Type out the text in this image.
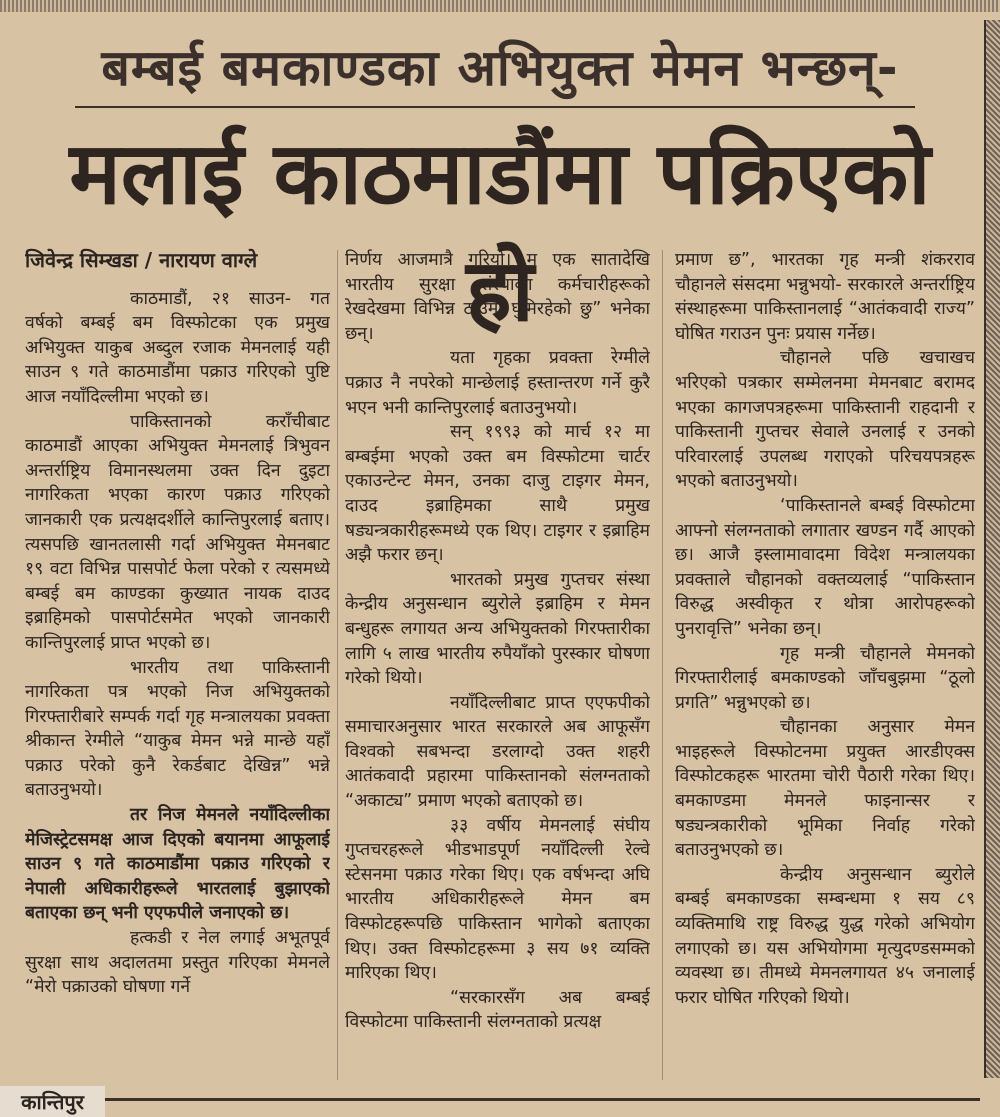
बम्बई बमकाण्डका अभियुक्त मेमन भन्छन्-
मलाई काठमाडौंमा पक्रिएको हो
जिवेन्द्र सिम्खडा / नारायण वाग्ले

काठमाडौं, २१ साउन- गत वर्षको बम्बई बम विस्फोटका एक प्रमुख अभियुक्त याकुब अब्दुल रजाक मेमनलाई यही साउन ९ गते काठमाडौंमा पक्राउ गरिएको पुष्टि आज नयाँदिल्लीमा भएको छ।

पाकिस्तानको कराँचीबाट काठमाडौं आएका अभियुक्त मेमनलाई त्रिभुवन अन्तर्राष्ट्रिय विमानस्थलमा उक्त दिन दुइटा नागरिकता भएका कारण पक्राउ गरिएको जानकारी एक प्रत्यक्षदर्शीले कान्तिपुरलाई बताए। त्यसपछि खानतलासी गर्दा अभियुक्त मेमनबाट १९ वटा विभिन्न पासपोर्ट फेला परेको र त्यसमध्ये बम्बई बम काण्डका कुख्यात नायक दाउद इब्राहिमको पासपोर्टसमेत भएको जानकारी कान्तिपुरलाई प्राप्त भएको छ।

भारतीय तथा पाकिस्तानी नागरिकता पत्र भएको निज अभियुक्तको गिरफ्तारीबारे सम्पर्क गर्दा गृह मन्त्रालयका प्रवक्ता श्रीकान्त रेग्मीले “याकुब मेमन भन्ने मान्छे यहाँ पक्राउ परेको कुनै रेकर्डबाट देखिन्न” भन्ने बताउनुभयो।

तर निज मेमनले नयाँदिल्लीका मेजिस्ट्रेटसमक्ष आज दिएको बयानमा आफूलाई साउन ९ गते काठमाडौंमा पक्राउ गरिएको र नेपाली अधिकारीहरूले भारतलाई बुझाएको बताएका छन् भनी एएफपीले जनाएको छ।

हत्कडी र नेल लगाई अभूतपूर्व सुरक्षा साथ अदालतमा प्रस्तुत गरिएका मेमनले “मेरो पक्राउको घोषणा गर्ने

निर्णय आजमात्रै गरियो। म एक सातादेखि भारतीय सुरक्षा संस्थाका कर्मचारीहरूको रेखदेखमा विभिन्न ठाउँमा घुमिरहेको छु” भनेका छन्।

यता गृहका प्रवक्ता रेग्मीले पक्राउ नै नपरेको मान्छेलाई हस्तान्तरण गर्ने कुरै भएन भनी कान्तिपुरलाई बताउनुभयो।

सन् १९९३ को मार्च १२ मा बम्बईमा भएको उक्त बम विस्फोटमा चार्टर एकाउन्टेन्ट मेमन, उनका दाजु टाइगर मेमन, दाउद इब्राहिमका साथै प्रमुख षड्यन्त्रकारीहरूमध्ये एक थिए। टाइगर र इब्राहिम अझै फरार छन्।

भारतको प्रमुख गुप्तचर संस्था केन्द्रीय अनुसन्धान ब्युरोले इब्राहिम र मेमन बन्धुहरू लगायत अन्य अभियुक्तको गिरफ्तारीका लागि ५ लाख भारतीय रुपैयाँको पुरस्कार घोषणा गरेको थियो।

नयाँदिल्लीबाट प्राप्त एएफपीको समाचारअनुसार भारत सरकारले अब आफूसँग विश्वको सबभन्दा डरलाग्दो उक्त शहरी आतंकवादी प्रहारमा पाकिस्तानको संलग्नताको “अकाट्य” प्रमाण भएको बताएको छ।

३३ वर्षीय मेमनलाई संघीय गुप्तचरहरूले भीडभाडपूर्ण नयाँदिल्ली रेल्वे स्टेसनमा पक्राउ गरेका थिए। एक वर्षभन्दा अघि भारतीय अधिकारीहरूले मेमन बम विस्फोटहरूपछि पाकिस्तान भागेको बताएका थिए। उक्त विस्फोटहरूमा ३ सय ७१ व्यक्ति मारिएका थिए।

“सरकारसँग अब बम्बई विस्फोटमा पाकिस्तानी संलग्नताको प्रत्यक्ष

प्रमाण छ”, भारतका गृह मन्त्री शंकरराव चौहानले संसदमा भन्नुभयो- सरकारले अन्तर्राष्ट्रिय संस्थाहरूमा पाकिस्तानलाई “आतंकवादी राज्य” घोषित गराउन पुनः प्रयास गर्नेछ।

चौहानले पछि खचाखच भरिएको पत्रकार सम्मेलनमा मेमनबाट बरामद भएका कागजपत्रहरूमा पाकिस्तानी राहदानी र पाकिस्तानी गुप्तचर सेवाले उनलाई र उनको परिवारलाई उपलब्ध गराएको परिचयपत्रहरू भएको बताउनुभयो।

‘पाकिस्तानले बम्बई विस्फोटमा आफ्नो संलग्नताको लगातार खण्डन गर्दै आएको छ। आजै इस्लामावादमा विदेश मन्त्रालयका प्रवक्ताले चौहानको वक्तव्यलाई “पाकिस्तान विरुद्ध अस्वीकृत र थोत्रा आरोपहरूको पुनरावृत्ति” भनेका छन्।

गृह मन्त्री चौहानले मेमनको गिरफ्तारीलाई बमकाण्डको जाँचबुझमा “ठूलो प्रगति” भन्नुभएको छ।

चौहानका अनुसार मेमन भाइहरूले विस्फोटनमा प्रयुक्त आरडीएक्स विस्फोटकहरू भारतमा चोरी पैठारी गरेका थिए। बमकाण्डमा मेमनले फाइनान्सर र षड्यन्त्रकारीको भूमिका निर्वाह गरेको बताउनुभएको छ।

केन्द्रीय अनुसन्धान ब्युरोले बम्बई बमकाण्डका सम्बन्धमा १ सय ८९ व्यक्तिमाथि राष्ट्र विरुद्ध युद्ध गरेको अभियोग लगाएको छ। यस अभियोगमा मृत्युदण्डसम्मको व्यवस्था छ। तीमध्ये मेमनलगायत ४५ जनालाई फरार घोषित गरिएको थियो।

कान्तिपुर
